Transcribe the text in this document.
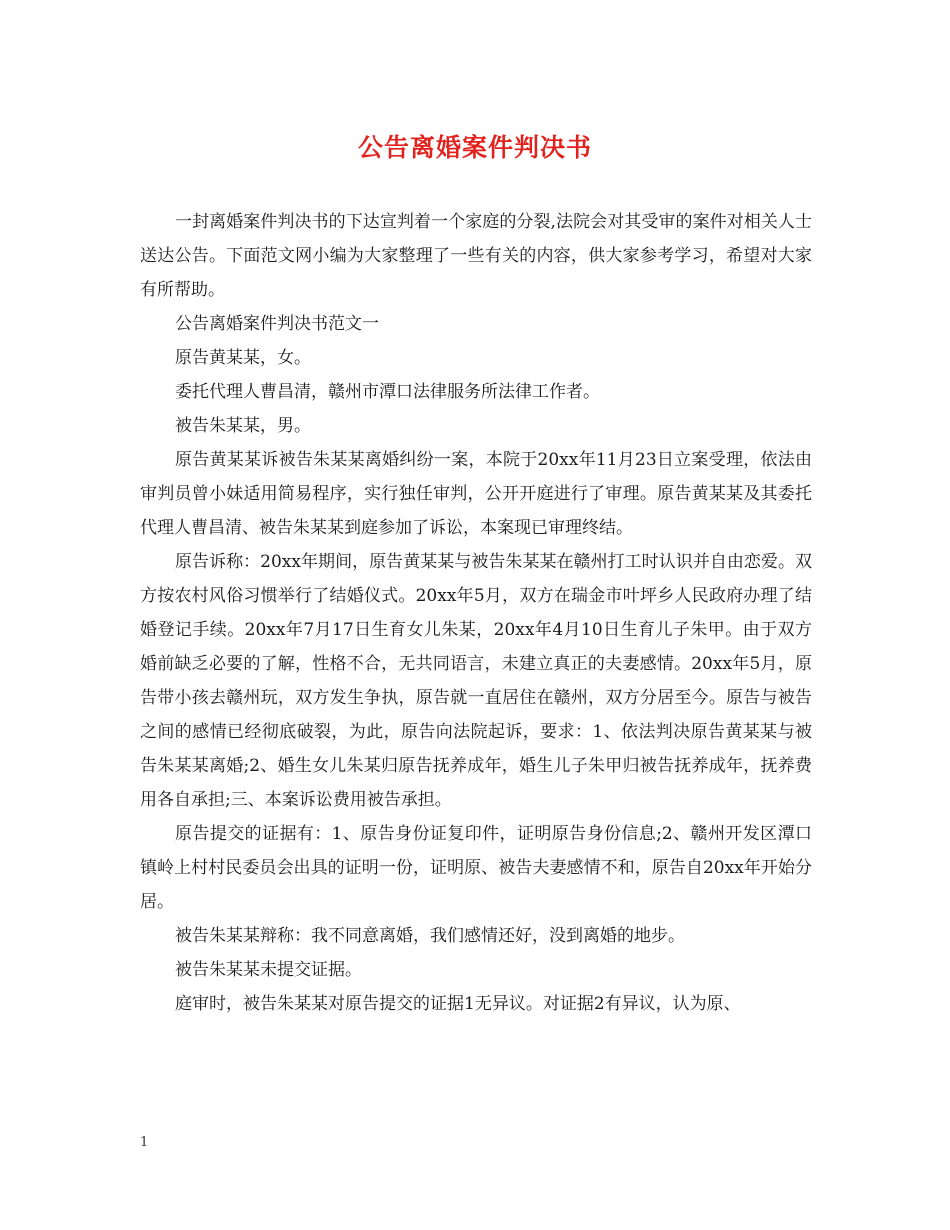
公告离婚案件判决书

一封离婚案件判决书的下达宣判着一个家庭的分裂,法院会对其受审的案件对相关人士送达公告。下面范文网小编为大家整理了一些有关的内容，供大家参考学习，希望对大家有所帮助。

公告离婚案件判决书范文一

原告黄某某，女。

委托代理人曹昌清，赣州市潭口法律服务所法律工作者。

被告朱某某，男。

原告黄某某诉被告朱某某离婚纠纷一案，本院于20xx年11月23日立案受理，依法由审判员曾小妹适用简易程序，实行独任审判，公开开庭进行了审理。原告黄某某及其委托代理人曹昌清、被告朱某某到庭参加了诉讼，本案现已审理终结。

原告诉称：20xx年期间，原告黄某某与被告朱某某在赣州打工时认识并自由恋爱。双方按农村风俗习惯举行了结婚仪式。20xx年5月，双方在瑞金市叶坪乡人民政府办理了结婚登记手续。20xx年7月17日生育女儿朱某，20xx年4月10日生育儿子朱甲。由于双方婚前缺乏必要的了解，性格不合，无共同语言，未建立真正的夫妻感情。20xx年5月，原告带小孩去赣州玩，双方发生争执，原告就一直居住在赣州，双方分居至今。原告与被告之间的感情已经彻底破裂，为此，原告向法院起诉，要求：1、依法判决原告黄某某与被告朱某某离婚;2、婚生女儿朱某归原告抚养成年，婚生儿子朱甲归被告抚养成年，抚养费用各自承担;三、本案诉讼费用被告承担。

原告提交的证据有：1、原告身份证复印件，证明原告身份信息;2、赣州开发区潭口镇岭上村村民委员会出具的证明一份，证明原、被告夫妻感情不和，原告自20xx年开始分居。

被告朱某某辩称：我不同意离婚，我们感情还好，没到离婚的地步。

被告朱某某未提交证据。

庭审时，被告朱某某对原告提交的证据1无异议。对证据2有异议，认为原、

1
